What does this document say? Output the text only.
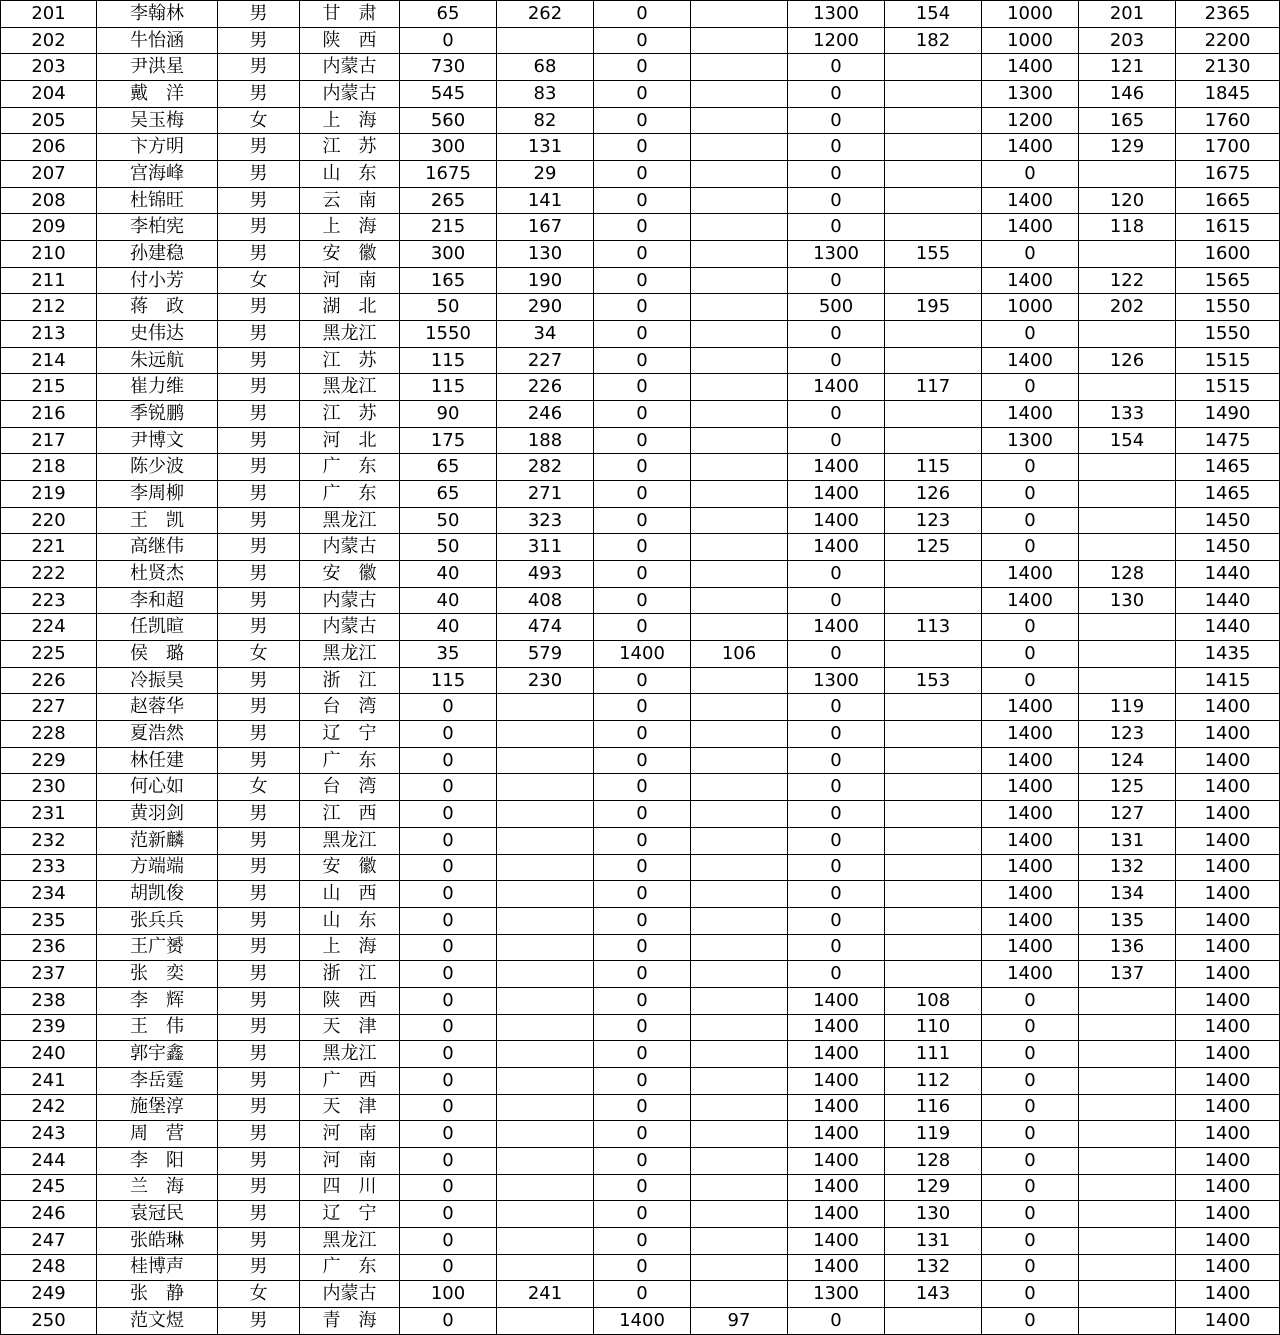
201	李翰林	男	甘　肃	65	262	0		1300	154	1000	201	2365
202	牛怡涵	男	陕　西	0		0		1200	182	1000	203	2200
203	尹洪星	男	内蒙古	730	68	0		0		1400	121	2130
204	戴　洋	男	内蒙古	545	83	0		0		1300	146	1845
205	吴玉梅	女	上　海	560	82	0		0		1200	165	1760
206	卞方明	男	江　苏	300	131	0		0		1400	129	1700
207	宫海峰	男	山　东	1675	29	0		0		0		1675
208	杜锦旺	男	云　南	265	141	0		0		1400	120	1665
209	李柏宪	男	上　海	215	167	0		0		1400	118	1615
210	孙建稳	男	安　徽	300	130	0		1300	155	0		1600
211	付小芳	女	河　南	165	190	0		0		1400	122	1565
212	蒋　政	男	湖　北	50	290	0		500	195	1000	202	1550
213	史伟达	男	黑龙江	1550	34	0		0		0		1550
214	朱远航	男	江　苏	115	227	0		0		1400	126	1515
215	崔力维	男	黑龙江	115	226	0		1400	117	0		1515
216	季锐鹏	男	江　苏	90	246	0		0		1400	133	1490
217	尹博文	男	河　北	175	188	0		0		1300	154	1475
218	陈少波	男	广　东	65	282	0		1400	115	0		1465
219	李周柳	男	广　东	65	271	0		1400	126	0		1465
220	王　凯	男	黑龙江	50	323	0		1400	123	0		1450
221	高继伟	男	内蒙古	50	311	0		1400	125	0		1450
222	杜贤杰	男	安　徽	40	493	0		0		1400	128	1440
223	李和超	男	内蒙古	40	408	0		0		1400	130	1440
224	任凯暄	男	内蒙古	40	474	0		1400	113	0		1440
225	侯　璐	女	黑龙江	35	579	1400	106	0		0		1435
226	冷振昊	男	浙　江	115	230	0		1300	153	0		1415
227	赵蓉华	男	台　湾	0		0		0		1400	119	1400
228	夏浩然	男	辽　宁	0		0		0		1400	123	1400
229	林任建	男	广　东	0		0		0		1400	124	1400
230	何心如	女	台　湾	0		0		0		1400	125	1400
231	黄羽剑	男	江　西	0		0		0		1400	127	1400
232	范新麟	男	黑龙江	0		0		0		1400	131	1400
233	方端端	男	安　徽	0		0		0		1400	132	1400
234	胡凯俊	男	山　西	0		0		0		1400	134	1400
235	张兵兵	男	山　东	0		0		0		1400	135	1400
236	王广赟	男	上　海	0		0		0		1400	136	1400
237	张　奕	男	浙　江	0		0		0		1400	137	1400
238	李　辉	男	陕　西	0		0		1400	108	0		1400
239	王　伟	男	天　津	0		0		1400	110	0		1400
240	郭宇鑫	男	黑龙江	0		0		1400	111	0		1400
241	李岳霆	男	广　西	0		0		1400	112	0		1400
242	施堡淳	男	天　津	0		0		1400	116	0		1400
243	周　营	男	河　南	0		0		1400	119	0		1400
244	李　阳	男	河　南	0		0		1400	128	0		1400
245	兰　海	男	四　川	0		0		1400	129	0		1400
246	袁冠民	男	辽　宁	0		0		1400	130	0		1400
247	张皓琳	男	黑龙江	0		0		1400	131	0		1400
248	桂博声	男	广　东	0		0		1400	132	0		1400
249	张　静	女	内蒙古	100	241	0		1300	143	0		1400
250	范文煜	男	青　海	0		1400	97	0		0		1400
